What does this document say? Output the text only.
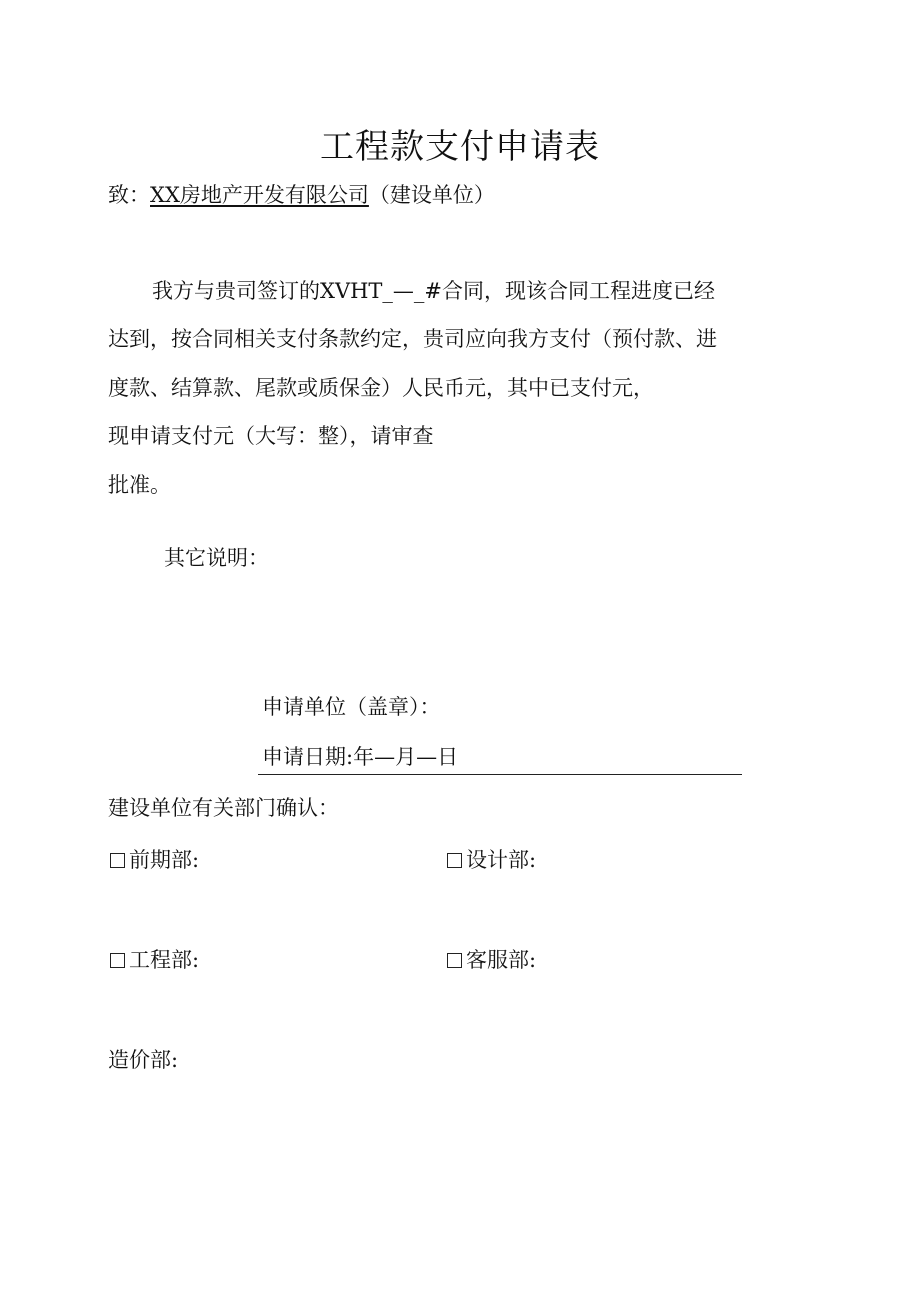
工程款支付申请表
致：XX房地产开发有限公司（建设单位）
我方与贵司签订的XVHT_—_#合同，现该合同工程进度已经
达到，按合同相关支付条款约定，贵司应向我方支付（预付款、进
度款、结算款、尾款或质保金）人民币元，其中已支付元，
现申请支付元（大写：整），请审查
批准。
其它说明：
申请单位（盖章）：
申请日期:年—月—日
建设单位有关部门确认：
前期部:	设计部:
工程部:	客服部:
造价部:
